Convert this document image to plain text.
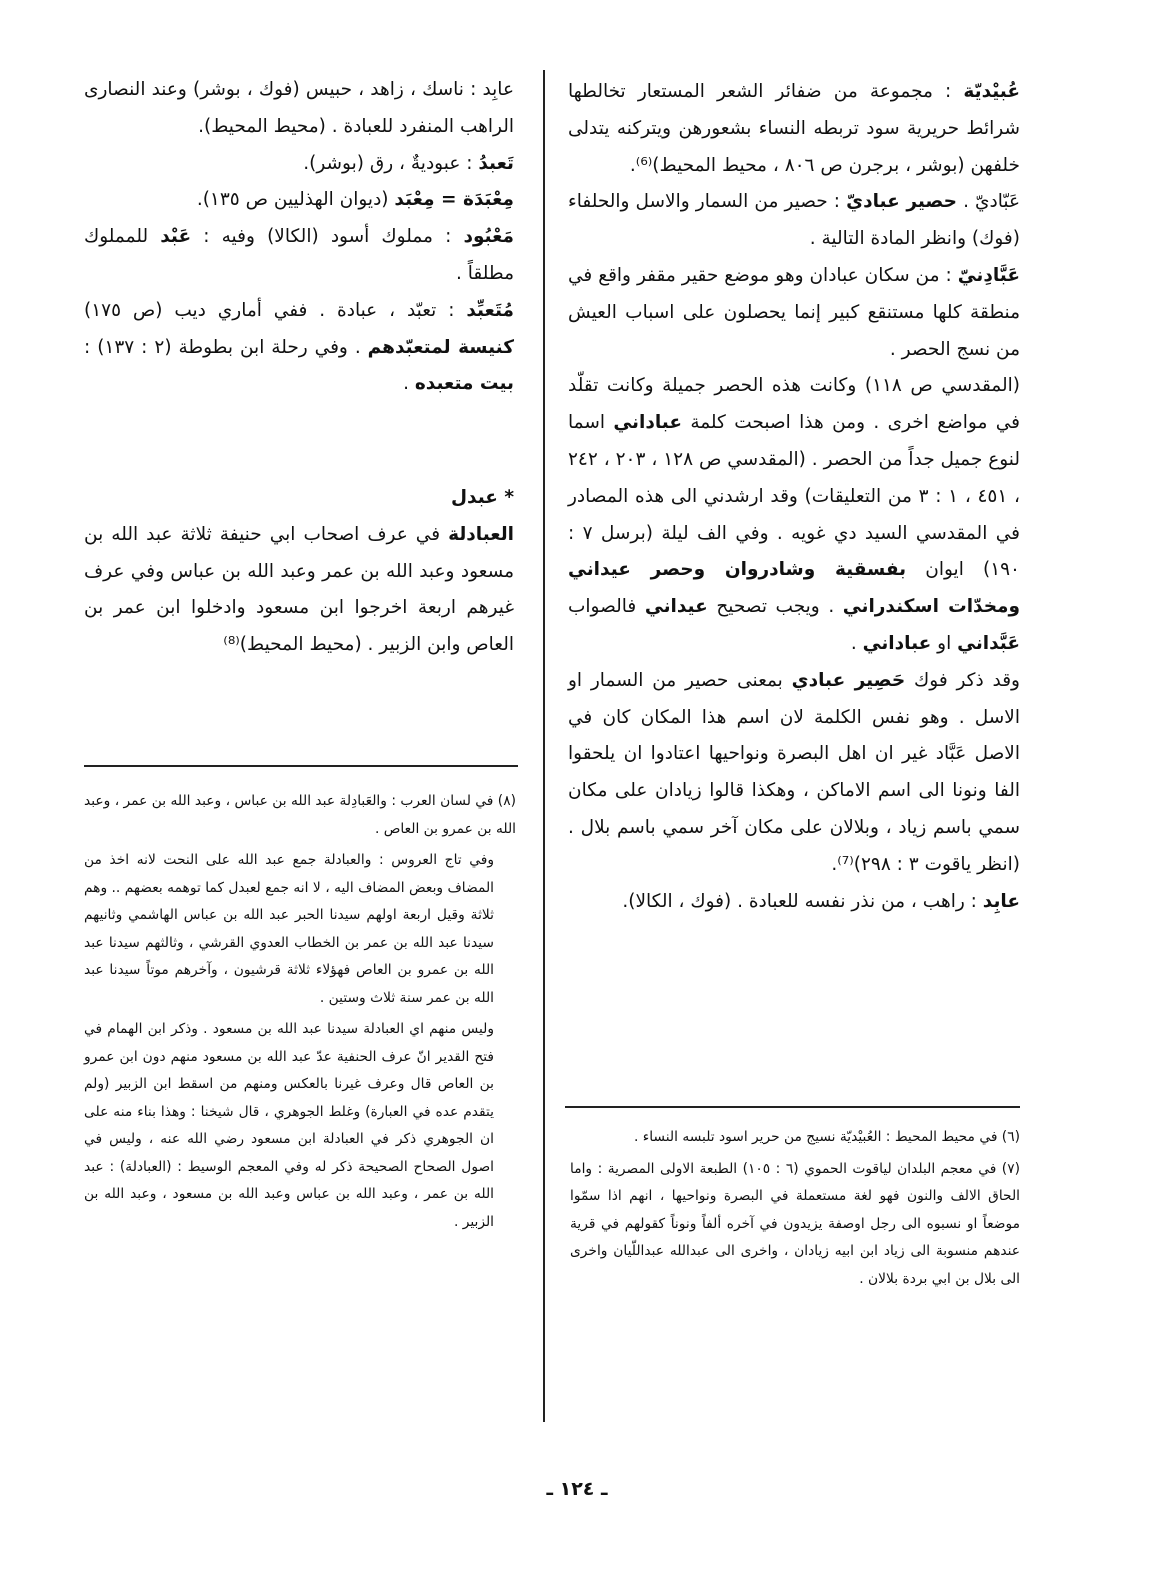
عُبيْديّة : مجموعة من ضفائر الشعر المستعار تخالطها شرائط حريرية سود تربطه النساء بشعورهن ويتركنه يتدلى خلفهن (بوشر ، برجرن ص ٨٠٦ ، محيط المحيط)⁽⁶⁾.

عَبّاديّ . حصير عباديّ : حصير من السمار والاسل والحلفاء (فوك) وانظر المادة التالية .

عَبَّادِنيّ : من سكان عبادان وهو موضع حقير مقفر واقع في منطقة كلها مستنقع كبير إنما يحصلون على اسباب العيش من نسج الحصر .

(المقدسي ص ١١٨) وكانت هذه الحصر جميلة وكانت تقلّد في مواضع اخرى . ومن هذا اصبحت كلمة عباداني اسما لنوع جميل جداً من الحصر . (المقدسي ص ١٢٨ ، ٢٠٣ ، ٢٤٢ ، ٤٥١ ، ١ : ٣ من التعليقات) وقد ارشدني الى هذه المصادر في المقدسي السيد دي غويه . وفي الف ليلة (برسل ٧ : ١٩٠) ايوان بفسقية وشادروان وحصر عيداني ومخدّات اسكندراني . ويجب تصحيح عيداني فالصواب عَبَّداني او عباداني .

وقد ذكر فوك حَصِير عبادي بمعنى حصير من السمار او الاسل . وهو نفس الكلمة لان اسم هذا المكان كان في الاصل عَبَّاد غير ان اهل البصرة ونواحيها اعتادوا ان يلحقوا الفا ونونا الى اسم الاماكن ، وهكذا قالوا زيادان على مكان سمي باسم زياد ، وبلالان على مكان آخر سمي باسم بلال . (انظر ياقوت ٣ : ٢٩٨)⁽⁷⁾.

عابِد : راهب ، من نذر نفسه للعبادة . (فوك ، الكالا).

عابِد : ناسك ، زاهد ، حبيس (فوك ، بوشر) وعند النصارى الراهب المنفرد للعبادة . (محيط المحيط).

تَعبدُ : عبوديةٌ ، رق (بوشر).

مِعْبَدَة = مِعْبَد (ديوان الهذليين ص ١٣٥).

مَعْبُود : مملوك أسود (الكالا) وفيه : عَبْد للمملوك مطلقاً .

مُتَعبِّد : تعبّد ، عبادة . ففي أماري ديب (ص ١٧٥) كنيسة لمتعبّدهم . وفي رحلة ابن بطوطة (٢ : ١٣٧) : بيت متعبده .

* عبدل

العبادلة في عرف اصحاب ابي حنيفة ثلاثة عبد الله بن مسعود وعبد الله بن عمر وعبد الله بن عباس وفي عرف غيرهم اربعة اخرجوا ابن مسعود وادخلوا ابن عمر بن العاص وابن الزبير . (محيط المحيط)⁽⁸⁾

(٨) في لسان العرب : والعَبادِلة عبد الله بن عباس ، وعبد الله بن عمر ، وعبد الله بن عمرو بن العاص .

وفي تاج العروس : والعبادلة جمع عبد الله على النحت لانه اخذ من المضاف وبعض المضاف اليه ، لا انه جمع لعبدل كما توهمه بعضهم .. وهم ثلاثة وقيل اربعة اولهم سيدنا الحبر عبد الله بن عباس الهاشمي وثانيهم سيدنا عبد الله بن عمر بن الخطاب العدوي القرشي ، وثالثهم سيدنا عبد الله بن عمرو بن العاص فهؤلاء ثلاثة قرشيون ، وآخرهم موتاً سيدنا عبد الله بن عمر سنة ثلاث وستين .

وليس منهم اي العبادلة سيدنا عبد الله بن مسعود . وذكر ابن الهمام في فتح القدير انّ عرف الحنفية عدّ عبد الله بن مسعود منهم دون ابن عمرو بن العاص قال وعرف غيرنا بالعكس ومنهم من اسقط ابن الزبير (ولم يتقدم عده في العبارة) وغلط الجوهري ، قال شيخنا : وهذا بناء منه على ان الجوهري ذكر في العبادلة ابن مسعود رضي الله عنه ، وليس في اصول الصحاح الصحيحة ذكر له وفي المعجم الوسيط : (العبادلة) : عبد الله بن عمر ، وعبد الله بن عباس وعبد الله بن مسعود ، وعبد الله بن الزبير .

(٦) في محيط المحيط : العُبيْديّة نسيج من حرير اسود تلبسه النساء .

(٧) في معجم البلدان لياقوت الحموي (٦ : ١٠٥) الطبعة الاولى المصرية : واما الحاق الالف والنون فهو لغة مستعملة في البصرة ونواحيها ، انهم اذا سمّوا موضعاً او نسبوه الى رجل اوصفة يزيدون في آخره ألفاً ونوناً كقولهم في قرية عندهم منسوبة الى زياد ابن ابيه زيادان ، واخرى الى عبدالله عبداللّيان واخرى الى بلال بن ابي بردة بلالان .

ـ ١٢٤ ـ
